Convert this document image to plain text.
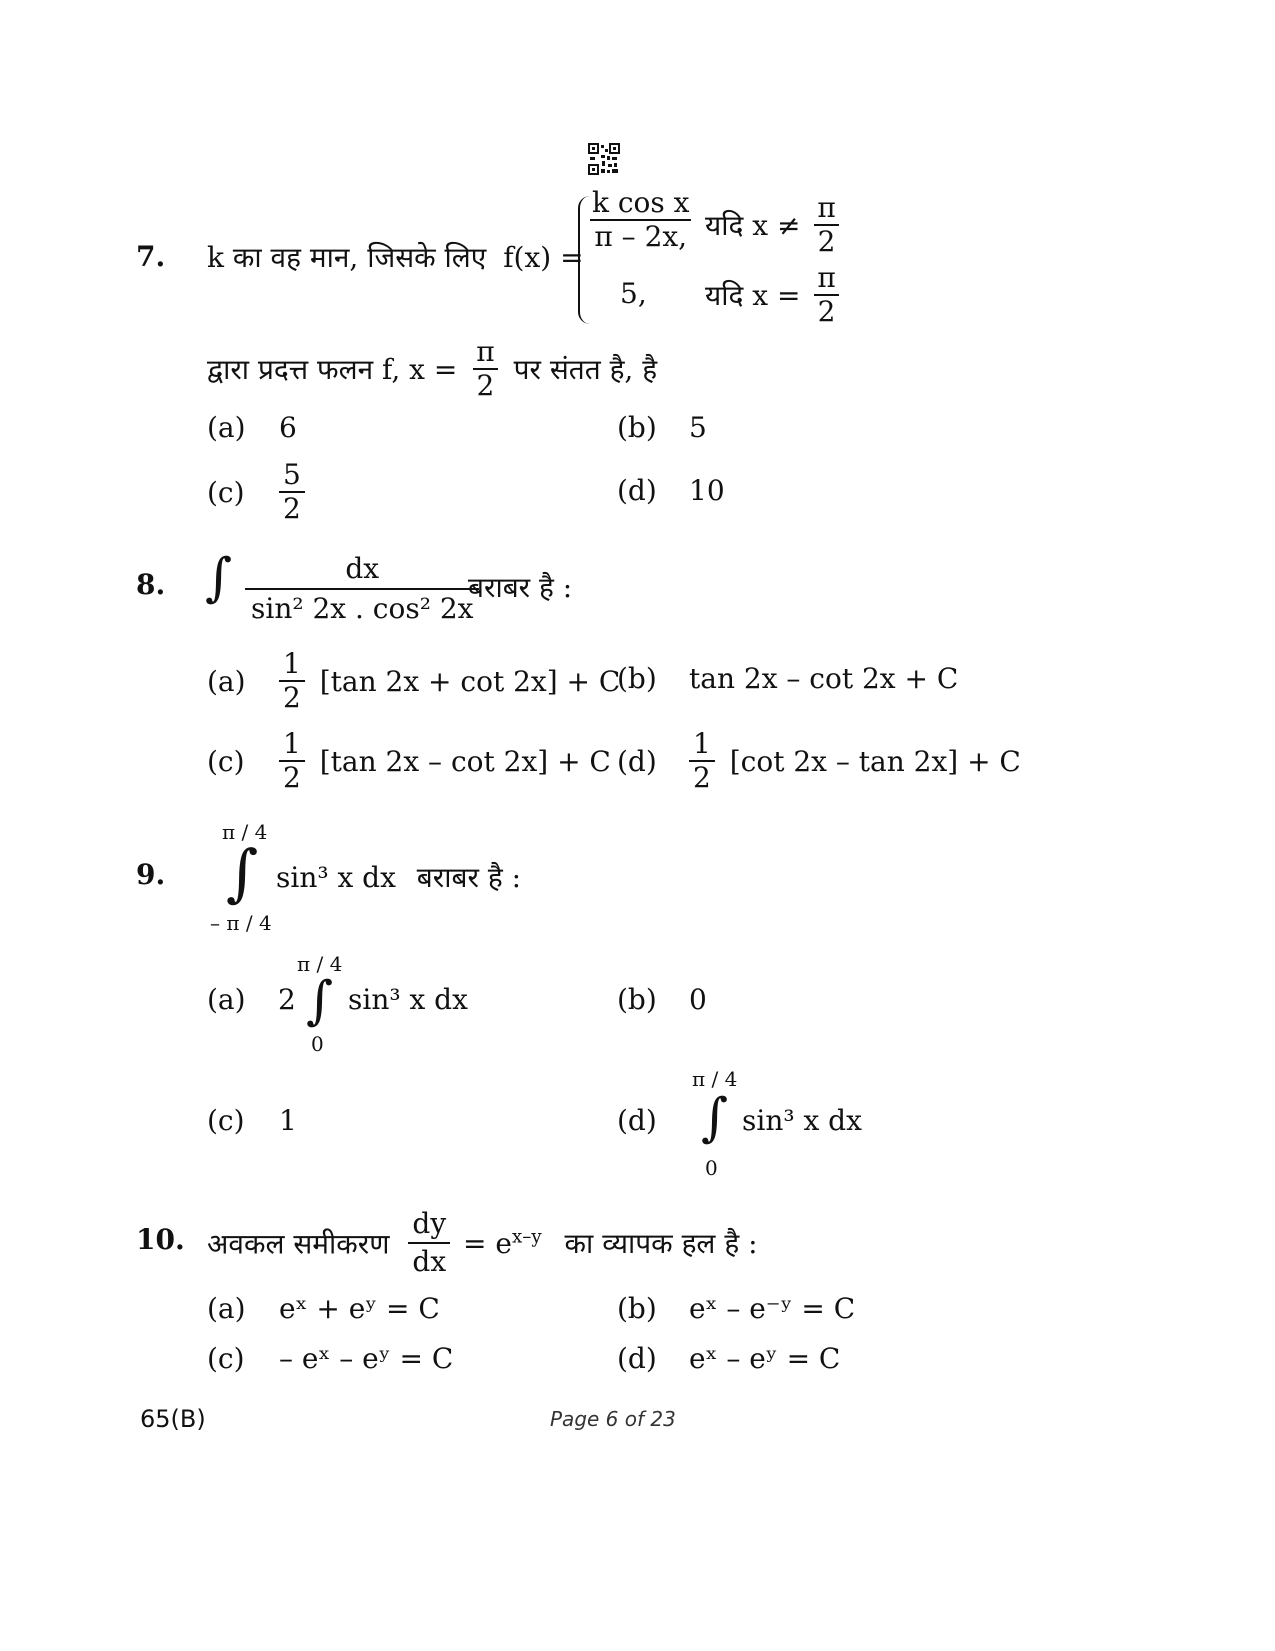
7. k का वह मान, जिसके लिए f(x) =
$\frac{\text{k cos x}}{\pi - 2x,}$ यदि $x \ne \frac{\pi}{2}$
5, यदि $x = \frac{\pi}{2}$
द्वारा प्रदत्त फलन f, $x = \frac{\pi}{2}$ पर संतत है, है
(a) 6	(b) 5
$(c) \frac{5}{2}$	(d) 10
8. ∫ $\frac{dx}{\text{sin² 2x . cos² 2x}}$
बराबर है :
$(a) \frac{1}{2} [\tan$ 2x + cot 2x] + C
(b) tan 2x – cot 2x + C
$(c) \frac{1}{2} [\tan$ 2x – cot 2x] + C $(d) \frac{1}{2} [\cot$ 2x – tan 2x] + C
9.
π / 4
∫
– π / 4
sin³ x dx बराबर है :
(a)	2
π / 4
∫
0
sin³ x dx	(b) 0
(c) 1	(d)
π / 4
∫
0
sin³ x dx
10. अवकल समीकरण $\frac{dy}{dx} = e^{x-y}$ का व्यापक हल है :
(a) eˣ + eʸ = C	(b) eˣ – e⁻ʸ = C
(c) – eˣ – eʸ = C	(d) eˣ – eʸ = C
65(B)	Page 6 of 23
